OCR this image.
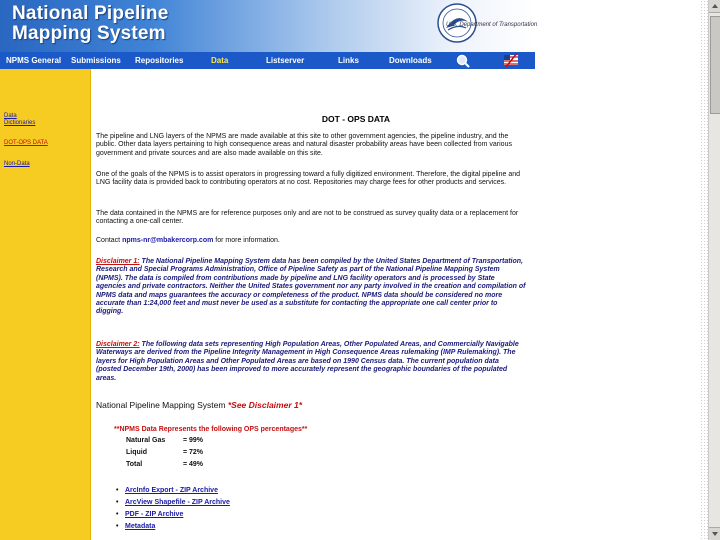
National Pipeline
Mapping System	U.S. Department of Transportation
NPMS General Submissions Repositories	Data	Listserver	Links	Downloads
Data Dictionaries
DOT-OPS DATA
Non-Data
DOT - OPS DATA
The pipeline and LNG layers of the NPMS are made available at this site to other government agencies, the pipeline industry, and the public. Other data layers pertaining to high consequence areas and natural disaster probability areas have been collected from various government and private sources and are also made available on this site.
One of the goals of the NPMS is to assist operators in progressing toward a fully digitized environment. Therefore, the digital pipeline and LNG facility data is provided back to contributing operators at no cost. Repositories may charge fees for other products and services.
The data contained in the NPMS are for reference purposes only and are not to be construed as survey quality data or a replacement for contacting a one-call center.
Contact npms-nr@mbakercorp.com for more information.
Disclaimer 1: The National Pipeline Mapping System data has been compiled by the United States Department of Transportation, Research and Special Programs Administration, Office of Pipeline Safety as part of the National Pipeline Mapping System (NPMS). The data is compiled from contributions made by pipeline and LNG facility operators and is processed by State agencies and private contractors. Neither the United States government nor any party involved in the creation and compilation of NPMS data and maps guarantees the accuracy or completeness of the product. NPMS data should be considered no more accurate than 1:24,000 feet and must never be used as a substitute for contacting the appropriate one call center prior to digging.
Disclaimer 2: The following data sets representing High Population Areas, Other Populated Areas, and Commercially Navigable Waterways are derived from the Pipeline Integrity Management in High Consequence Areas rulemaking (IMP Rulemaking). The layers for High Population Areas and Other Populated Areas are based on 1990 Census data. The current population data (posted December 19th, 2000) has been improved to more accurately represent the geographic boundaries of the populated areas.
National Pipeline Mapping System *See Disclaimer 1*
**NPMS Data Represents the following OPS percentages**
Natural Gas	= 99%
Liquid	= 72%
Total	= 49%
• ArcInfo Export - ZIP Archive
• ArcView Shapefile - ZIP Archive
• PDF - ZIP Archive
• Metadata
